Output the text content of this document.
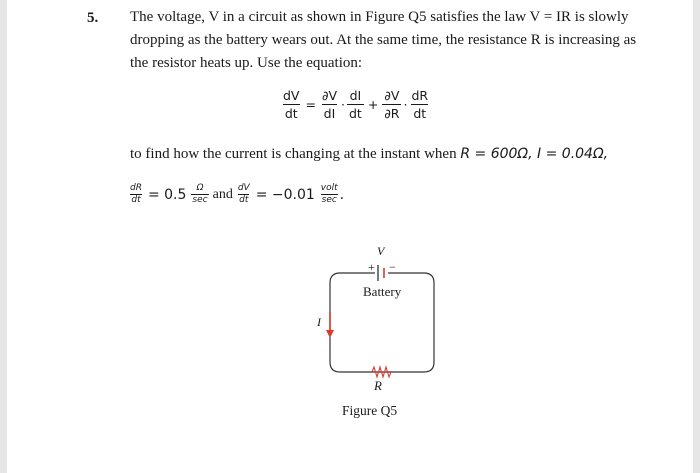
5. The voltage, V in a circuit as shown in Figure Q5 satisfies the law V = IR is slowly
dropping as the battery wears out. At the same time, the resistance R is increasing as
the resistor heats up. Use the equation:
$\frac{dV}{dt} = \frac{\partial V}{dI} \cdot \frac{dI}{dt} + \frac{\partial V}{\partial R} \cdot \frac{dR}{dt}$
to find how the current is changing at the instant when R = 600Ω, I = 0.04Ω,
$\frac{dR}{dt} = 0.5 \frac{\Omega}{\sec}$ and $\frac{dV}{dt} = -0.01 \frac{\text{volt}}{\sec}$ .
V
+ −
Battery
I
R
Figure Q5
